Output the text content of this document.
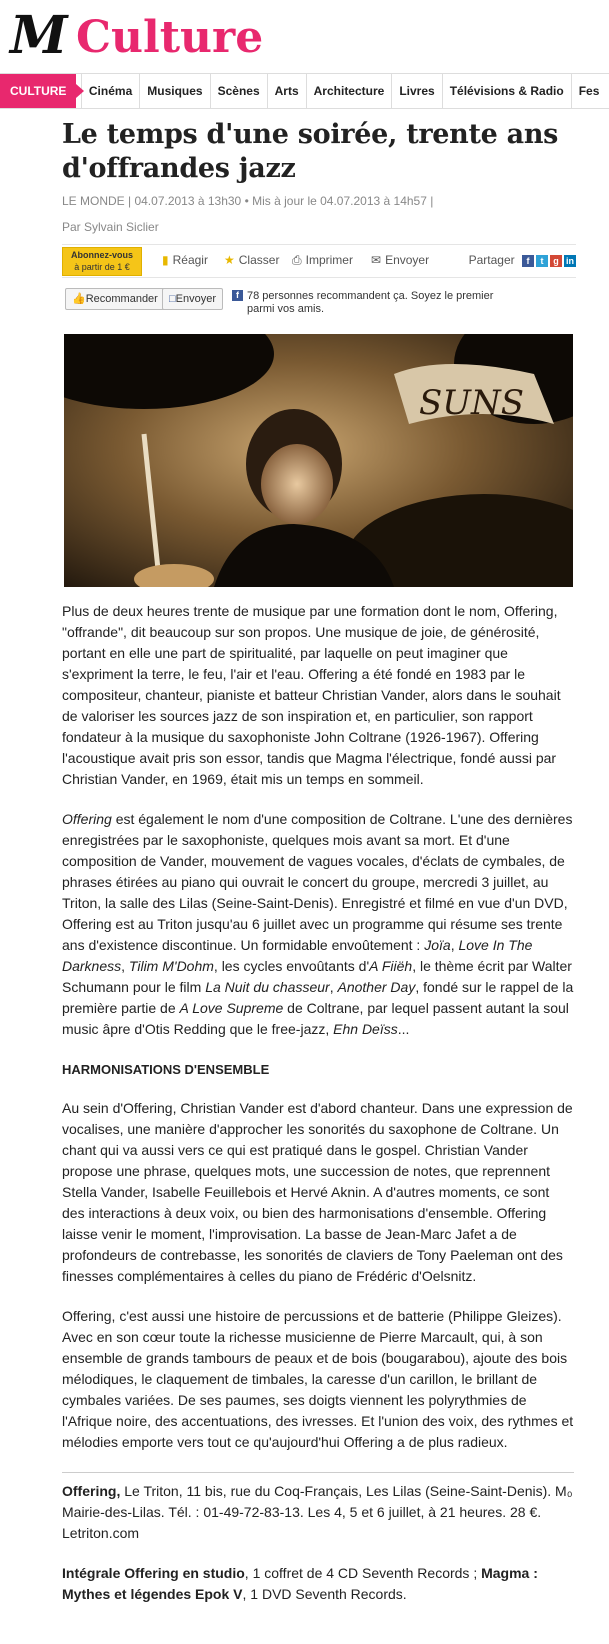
M Culture
CULTURE Cinéma Musiques Scènes Arts Architecture Livres Télévisions & Radio Fes
Le temps d'une soirée, trente ans d'offrandes jazz
LE MONDE | 04.07.2013 à 13h30 • Mis à jour le 04.07.2013 à 14h57 |
Par Sylvain Siclier
Abonnez-vous
à partir de 1 €	▮ Réagir ★ Classer ⎙ Imprimer ✉ Envoyer	Partager f t g in
👍Recommander	□Envoyer	f 78 personnes recommandent ça. Soyez le premier parmi vos amis.
SUNS

Plus de deux heures trente de musique par une formation dont le nom, Offering, "offrande", dit beaucoup sur son propos. Une musique de joie, de générosité, portant en elle une part de spiritualité, par laquelle on peut imaginer que s'expriment la terre, le feu, l'air et l'eau. Offering a été fondé en 1983 par le compositeur, chanteur, pianiste et batteur Christian Vander, alors dans le souhait de valoriser les sources jazz de son inspiration et, en particulier, son rapport fondateur à la musique du saxophoniste John Coltrane (1926-1967). Offering l'acoustique avait pris son essor, tandis que Magma l'électrique, fondé aussi par Christian Vander, en 1969, était mis un temps en sommeil.

Offering est également le nom d'une composition de Coltrane. L'une des dernières enregistrées par le saxophoniste, quelques mois avant sa mort. Et d'une composition de Vander, mouvement de vagues vocales, d'éclats de cymbales, de phrases étirées au piano qui ouvrait le concert du groupe, mercredi 3 juillet, au Triton, la salle des Lilas (Seine-Saint-Denis). Enregistré et filmé en vue d'un DVD, Offering est au Triton jusqu'au 6 juillet avec un programme qui résume ses trente ans d'existence discontinue. Un formidable envoûtement : Joïa, Love In The Darkness, Tilim M'Dohm, les cycles envoûtants d'A Fiiëh, le thème écrit par Walter Schumann pour le film La Nuit du chasseur, Another Day, fondé sur le rappel de la première partie de A Love Supreme de Coltrane, par lequel passent autant la soul music âpre d'Otis Redding que le free-jazz, Ehn Deïss...

HARMONISATIONS D'ENSEMBLE

Au sein d'Offering, Christian Vander est d'abord chanteur. Dans une expression de vocalises, une manière d'approcher les sonorités du saxophone de Coltrane. Un chant qui va aussi vers ce qui est pratiqué dans le gospel. Christian Vander propose une phrase, quelques mots, une succession de notes, que reprennent Stella Vander, Isabelle Feuillebois et Hervé Aknin. A d'autres moments, ce sont des interactions à deux voix, ou bien des harmonisations d'ensemble. Offering laisse venir le moment, l'improvisation. La basse de Jean-Marc Jafet a de profondeurs de contrebasse, les sonorités de claviers de Tony Paeleman ont des finesses complémentaires à celles du piano de Frédéric d'Oelsnitz.

Offering, c'est aussi une histoire de percussions et de batterie (Philippe Gleizes). Avec en son cœur toute la richesse musicienne de Pierre Marcault, qui, à son ensemble de grands tambours de peaux et de bois (bougarabou), ajoute des bois mélodiques, le claquement de timbales, la caresse d'un carillon, le brillant de cymbales variées. De ses paumes, ses doigts viennent les polyrythmies de l'Afrique noire, des accentuations, des ivresses. Et l'union des voix, des rythmes et mélodies emporte vers tout ce qu'aujourd'hui Offering a de plus radieux.

Offering, Le Triton, 11 bis, rue du Coq-Français, Les Lilas (Seine-Saint-Denis). M₀ Mairie-des-Lilas. Tél. : 01-49-72-83-13. Les 4, 5 et 6 juillet, à 21 heures. 28 €. Letriton.com

Intégrale Offering en studio, 1 coffret de 4 CD Seventh Records ; Magma : Mythes et légendes Epok V, 1 DVD Seventh Records.
